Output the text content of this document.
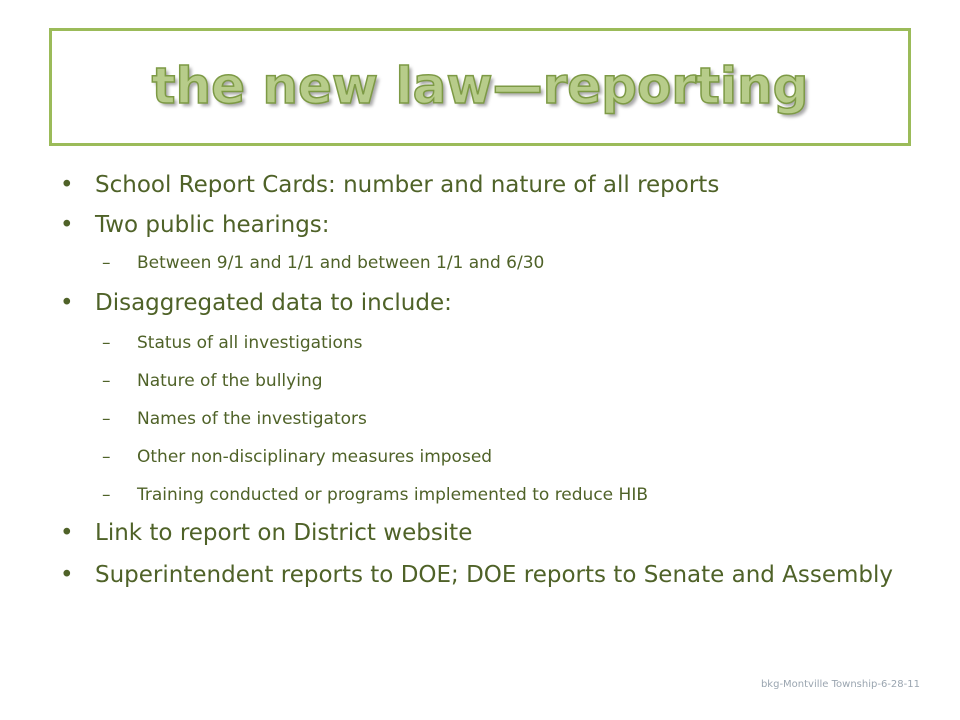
the new law—reporting
• School Report Cards: number and nature of all reports
• Two public hearings:
– Between 9/1 and 1/1 and between 1/1 and 6/30
• Disaggregated data to include:
– Status of all investigations
– Nature of the bullying
– Names of the investigators
– Other non-disciplinary measures imposed
– Training conducted or programs implemented to reduce HIB
• Link to report on District website
• Superintendent reports to DOE; DOE reports to Senate and Assembly
bkg-Montville Township-6-28-11
